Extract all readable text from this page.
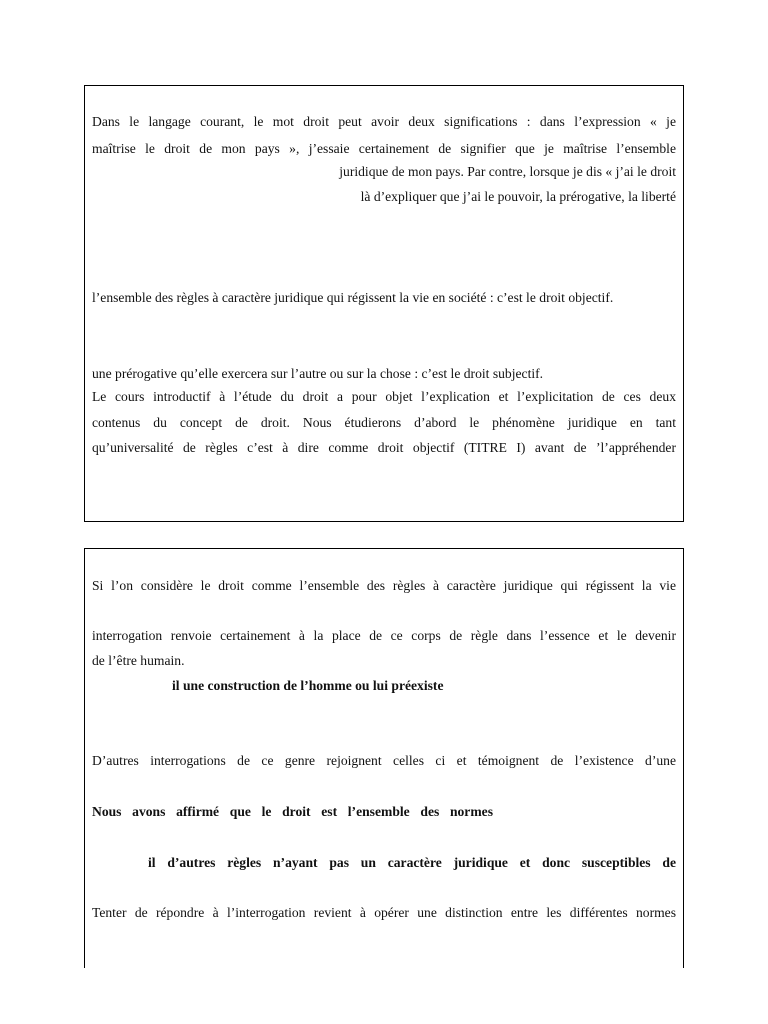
Dans le langage courant, le mot droit peut avoir deux significations : dans l’expression « je
maîtrise le droit de mon pays », j’essaie certainement de signifier que je maîtrise l’ensemble
juridique de mon pays. Par contre, lorsque je dis « j’ai le droit
là d’expliquer que j’ai le pouvoir, la prérogative, la liberté
l’ensemble des règles à caractère juridique qui régissent la vie en société : c’est le droit objectif.
une prérogative qu’elle exercera sur l’autre ou sur la chose : c’est le droit subjectif.
Le cours introductif à l’étude du droit a pour objet l’explication et l’explicitation de ces deux
contenus du concept de droit. Nous étudierons d’abord le phénomène juridique en tant
qu’universalité de règles c’est à dire comme droit objectif (TITRE I) avant de ’l’appréhender
Si l’on considère le droit comme l’ensemble des règles à caractère juridique qui régissent la vie
interrogation renvoie certainement à la place de ce corps de règle dans l’essence et le devenir
de l’être humain.
il une construction de l’homme ou lui préexiste
D’autres interrogations de ce genre rejoignent celles ci et témoignent de l’existence d’une
Nous avons affirmé que le droit est l’ensemble des normes
il d’autres règles n’ayant pas un caractère juridique et donc susceptibles de
Tenter de répondre à l’interrogation revient à opérer une distinction entre les différentes normes
